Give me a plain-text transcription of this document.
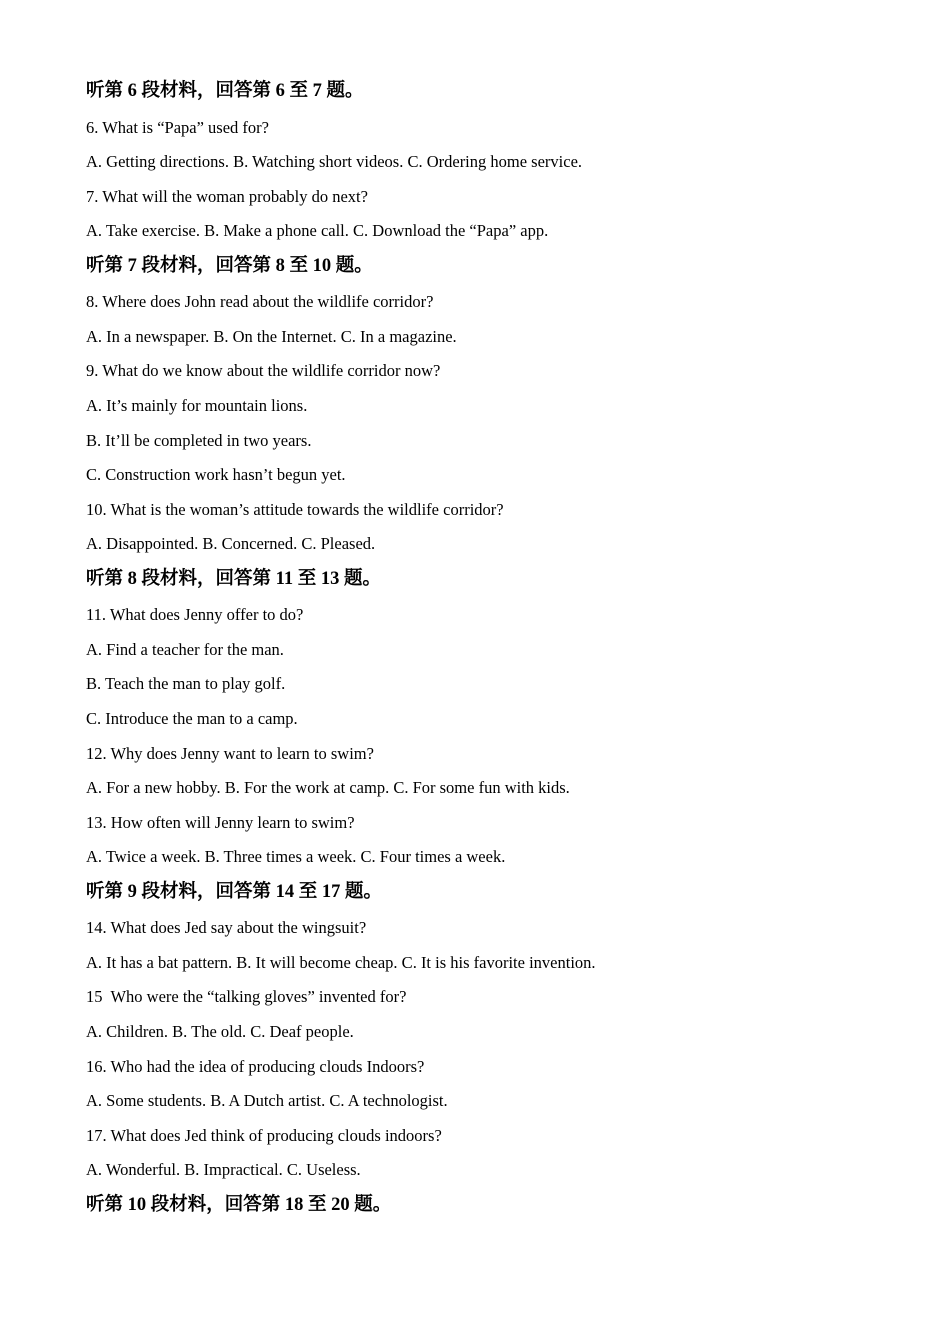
听第 6 段材料，回答第 6 至 7 题。
6. What is “Papa” used for?
A. Getting directions. B. Watching short videos. C. Ordering home service.
7. What will the woman probably do next?
A. Take exercise. B. Make a phone call. C. Download the “Papa” app.
听第 7 段材料，回答第 8 至 10 题。
8. Where does John read about the wildlife corridor?
A. In a newspaper. B. On the Internet. C. In a magazine.
9. What do we know about the wildlife corridor now?
A. It’s mainly for mountain lions.
B. It’ll be completed in two years.
C. Construction work hasn’t begun yet.
10. What is the woman’s attitude towards the wildlife corridor?
A. Disappointed. B. Concerned. C. Pleased.
听第 8 段材料，回答第 11 至 13 题。
11. What does Jenny offer to do?
A. Find a teacher for the man.
B. Teach the man to play golf.
C. Introduce the man to a camp.
12. Why does Jenny want to learn to swim?
A. For a new hobby. B. For the work at camp. C. For some fun with kids.
13. How often will Jenny learn to swim?
A. Twice a week. B. Three times a week. C. Four times a week.
听第 9 段材料，回答第 14 至 17 题。
14. What does Jed say about the wingsuit?
A. It has a bat pattern. B. It will become cheap. C. It is his favorite invention.
15  Who were the “talking gloves” invented for?
A. Children. B. The old. C. Deaf people.
16. Who had the idea of producing clouds Indoors?
A. Some students. B. A Dutch artist. C. A technologist.
17. What does Jed think of producing clouds indoors?
A. Wonderful. B. Impractical. C. Useless.
听第 10 段材料，回答第 18 至 20 题。
